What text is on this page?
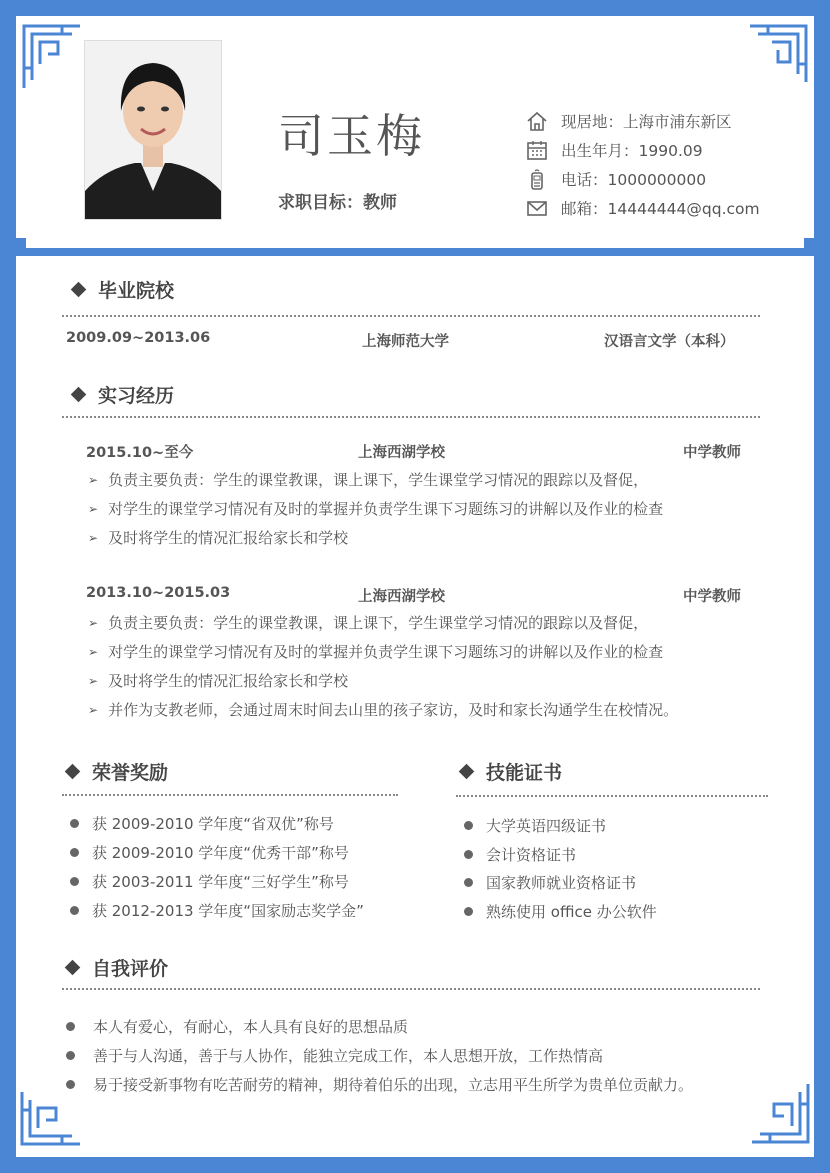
司玉梅
求职目标：教师
现居地：上海市浦东新区
出生年月：1990.09
电话：1000000000
邮箱：14444444@qq.com
毕业院校
2009.09~2013.06	上海师范大学	汉语言文学（本科）
实习经历
2015.10~至今	上海西湖学校	中学教师
➢ 负责主要负责：学生的课堂教课，课上课下，学生课堂学习情况的跟踪以及督促，
➢ 对学生的课堂学习情况有及时的掌握并负责学生课下习题练习的讲解以及作业的检查
➢ 及时将学生的情况汇报给家长和学校
2013.10~2015.03	上海西湖学校	中学教师
➢ 负责主要负责：学生的课堂教课，课上课下，学生课堂学习情况的跟踪以及督促，
➢ 对学生的课堂学习情况有及时的掌握并负责学生课下习题练习的讲解以及作业的检查
➢ 及时将学生的情况汇报给家长和学校
➢ 并作为支教老师，会通过周末时间去山里的孩子家访，及时和家长沟通学生在校情况。
荣誉奖励
获 2009-2010 学年度“省双优”称号
获 2009-2010 学年度“优秀干部”称号
获 2003-2011 学年度“三好学生”称号
获 2012-2013 学年度“国家励志奖学金”
技能证书
大学英语四级证书
会计资格证书
国家教师就业资格证书
熟练使用 office 办公软件
自我评价
本人有爱心，有耐心，本人具有良好的思想品质
善于与人沟通，善于与人协作，能独立完成工作，本人思想开放，工作热情高
易于接受新事物有吃苦耐劳的精神，期待着伯乐的出现，立志用平生所学为贵单位贡献力。
